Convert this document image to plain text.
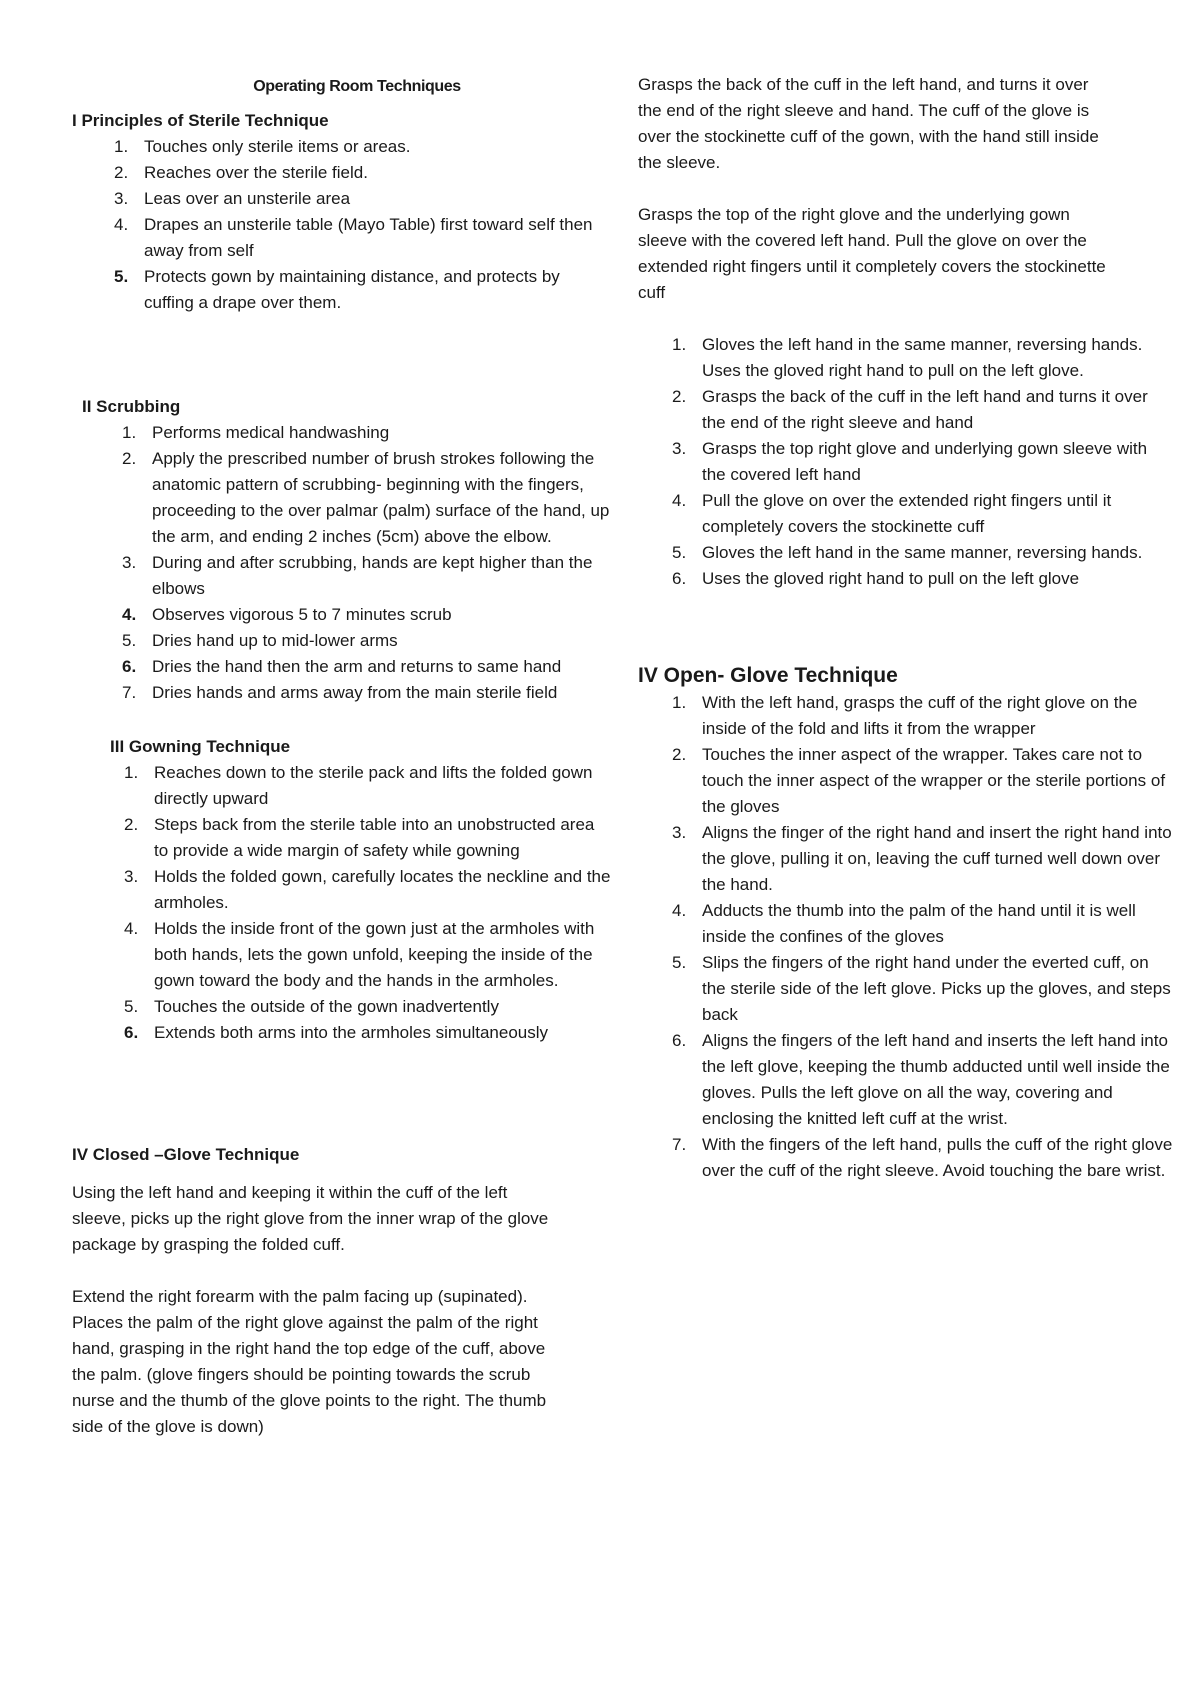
Operating Room Techniques
I Principles of Sterile Technique
1. Touches only sterile items or areas.
2. Reaches over the sterile field.
3. Leas over an unsterile area
4. Drapes an unsterile table (Mayo Table) first toward self then away from self
5. Protects gown by maintaining distance, and protects by cuffing a drape over them.
II Scrubbing
1. Performs medical handwashing
2. Apply the prescribed number of brush strokes following the anatomic pattern of scrubbing- beginning with the fingers, proceeding to the over palmar (palm) surface of the hand, up the arm, and ending 2 inches (5cm) above the elbow.
3. During and after scrubbing, hands are kept higher than the elbows
4. Observes vigorous 5 to 7 minutes scrub
5. Dries hand up to mid-lower arms
6. Dries the hand then the arm and returns to same hand
7. Dries hands and arms away from the main sterile field
III Gowning Technique
1. Reaches down to the sterile pack and lifts the folded gown directly upward
2. Steps back from the sterile table into an unobstructed area to provide a wide margin of safety while gowning
3. Holds the folded gown, carefully locates the neckline and the armholes.
4. Holds the inside front of the gown just at the armholes with both hands, lets the gown unfold, keeping the inside of the gown toward the body and the hands in the armholes.
5. Touches the outside of the gown inadvertently
6. Extends both arms into the armholes simultaneously
IV Closed –Glove Technique

Using the left hand and keeping it within the cuff of the left sleeve, picks up the right glove from the inner wrap of the glove package by grasping the folded cuff.

Extend the right forearm with the palm facing up (supinated). Places the palm of the right glove against the palm of the right hand, grasping in the right hand the top edge of the cuff, above the palm. (glove fingers should be pointing towards the scrub nurse and the thumb of the glove points to the right. The thumb side of the glove is down)

Grasps the back of the cuff in the left hand, and turns it over the end of the right sleeve and hand. The cuff of the glove is over the stockinette cuff of the gown, with the hand still inside the sleeve.

Grasps the top of the right glove and the underlying gown sleeve with the covered left hand. Pull the glove on over the extended right fingers until it completely covers the stockinette cuff

1. Gloves the left hand in the same manner, reversing hands. Uses the gloved right hand to pull on the left glove.
2. Grasps the back of the cuff in the left hand and turns it over the end of the right sleeve and hand
3. Grasps the top right glove and underlying gown sleeve with the covered left hand
4. Pull the glove on over the extended right fingers until it completely covers the stockinette cuff
5. Gloves the left hand in the same manner, reversing hands.
6. Uses the gloved right hand to pull on the left glove
IV Open- Glove Technique
1. With the left hand, grasps the cuff of the right glove on the inside of the fold and lifts it from the wrapper
2. Touches the inner aspect of the wrapper. Takes care not to touch the inner aspect of the wrapper or the sterile portions of the gloves
3. Aligns the finger of the right hand and insert the right hand into the glove, pulling it on, leaving the cuff turned well down over the hand.
4. Adducts the thumb into the palm of the hand until it is well inside the confines of the gloves
5. Slips the fingers of the right hand under the everted cuff, on the sterile side of the left glove. Picks up the gloves, and steps back
6. Aligns the fingers of the left hand and inserts the left hand into the left glove, keeping the thumb adducted until well inside the gloves. Pulls the left glove on all the way, covering and enclosing the knitted left cuff at the wrist.
7. With the fingers of the left hand, pulls the cuff of the right glove over the cuff of the right sleeve. Avoid touching the bare wrist.
